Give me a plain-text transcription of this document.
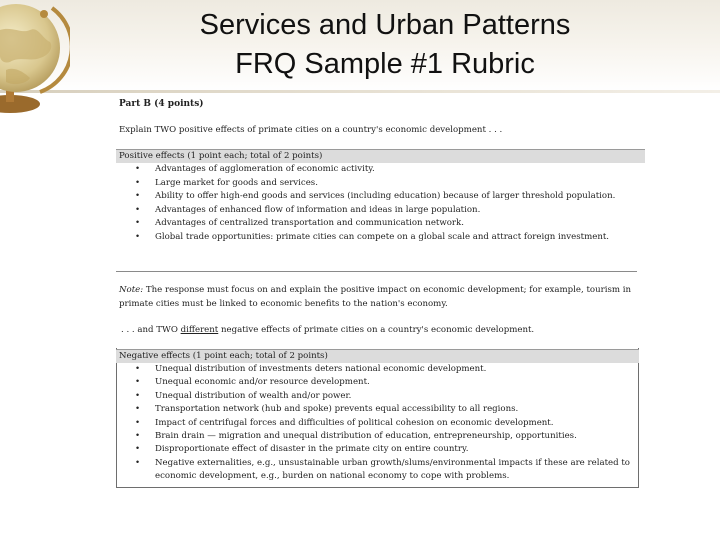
Services and Urban Patterns
FRQ Sample #1 Rubric
Part B (4 points)
Explain TWO positive effects of primate cities on a country's economic development . . .
Positive effects (1 point each; total of 2 points)
• Advantages of agglomeration of economic activity.
• Large market for goods and services.
• Ability to offer high-end goods and services (including education) because of larger threshold population.
• Advantages of enhanced flow of information and ideas in large population.
• Advantages of centralized transportation and communication network.
• Global trade opportunities: primate cities can compete on a global scale and attract foreign investment.
Note: The response must focus on and explain the positive impact on economic development; for example, tourism in primate cities must be linked to economic benefits to the nation's economy.
. . . and TWO different negative effects of primate cities on a country's economic development.
Negative effects (1 point each; total of 2 points)
• Unequal distribution of investments deters national economic development.
• Unequal economic and/or resource development.
• Unequal distribution of wealth and/or power.
• Transportation network (hub and spoke) prevents equal accessibility to all regions.
• Impact of centrifugal forces and difficulties of political cohesion on economic development.
• Brain drain — migration and unequal distribution of education, entrepreneurship, opportunities.
• Disproportionate effect of disaster in the primate city on entire country.
• Negative externalities, e.g., unsustainable urban growth/slums/environmental impacts if these are related to economic development, e.g., burden on national economy to cope with problems.
